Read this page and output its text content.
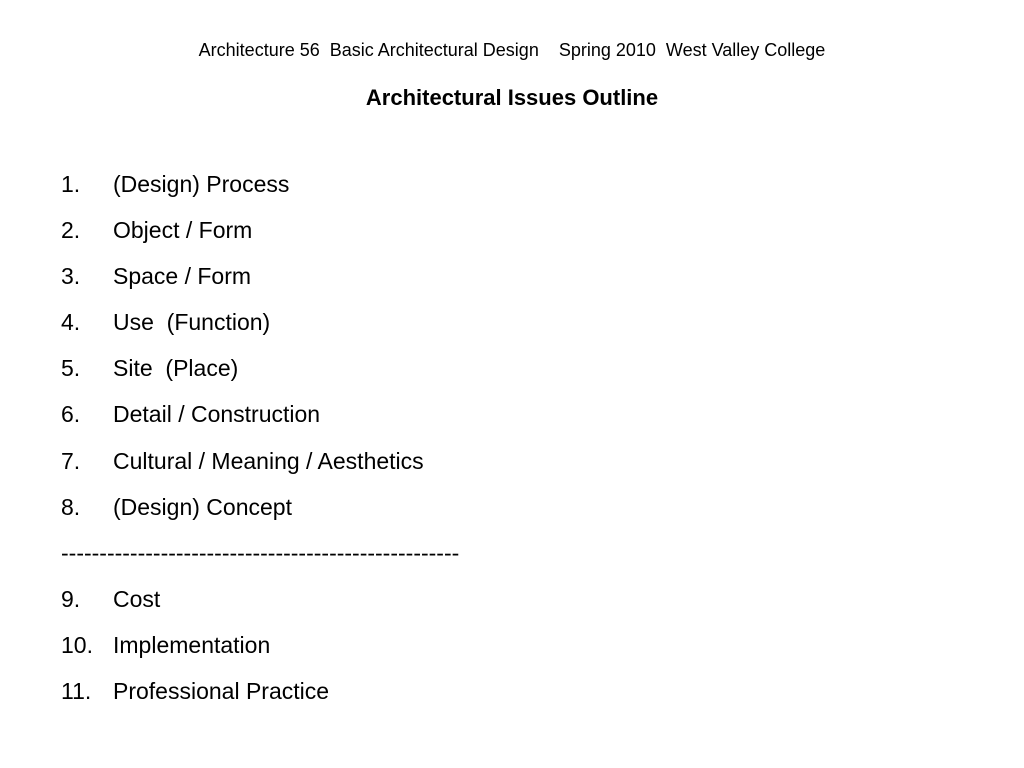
Architecture 56  Basic Architectural Design    Spring 2010  West Valley College
Architectural Issues Outline
1.	(Design) Process
2.	Object / Form
3.	Space / Form
4.	Use  (Function)
5.	Site  (Place)
6.	Detail / Construction
7.	Cultural / Meaning / Aesthetics
8.	(Design) Concept
----------------------------------------------------
9.	Cost
10. Implementation
11. Professional Practice
